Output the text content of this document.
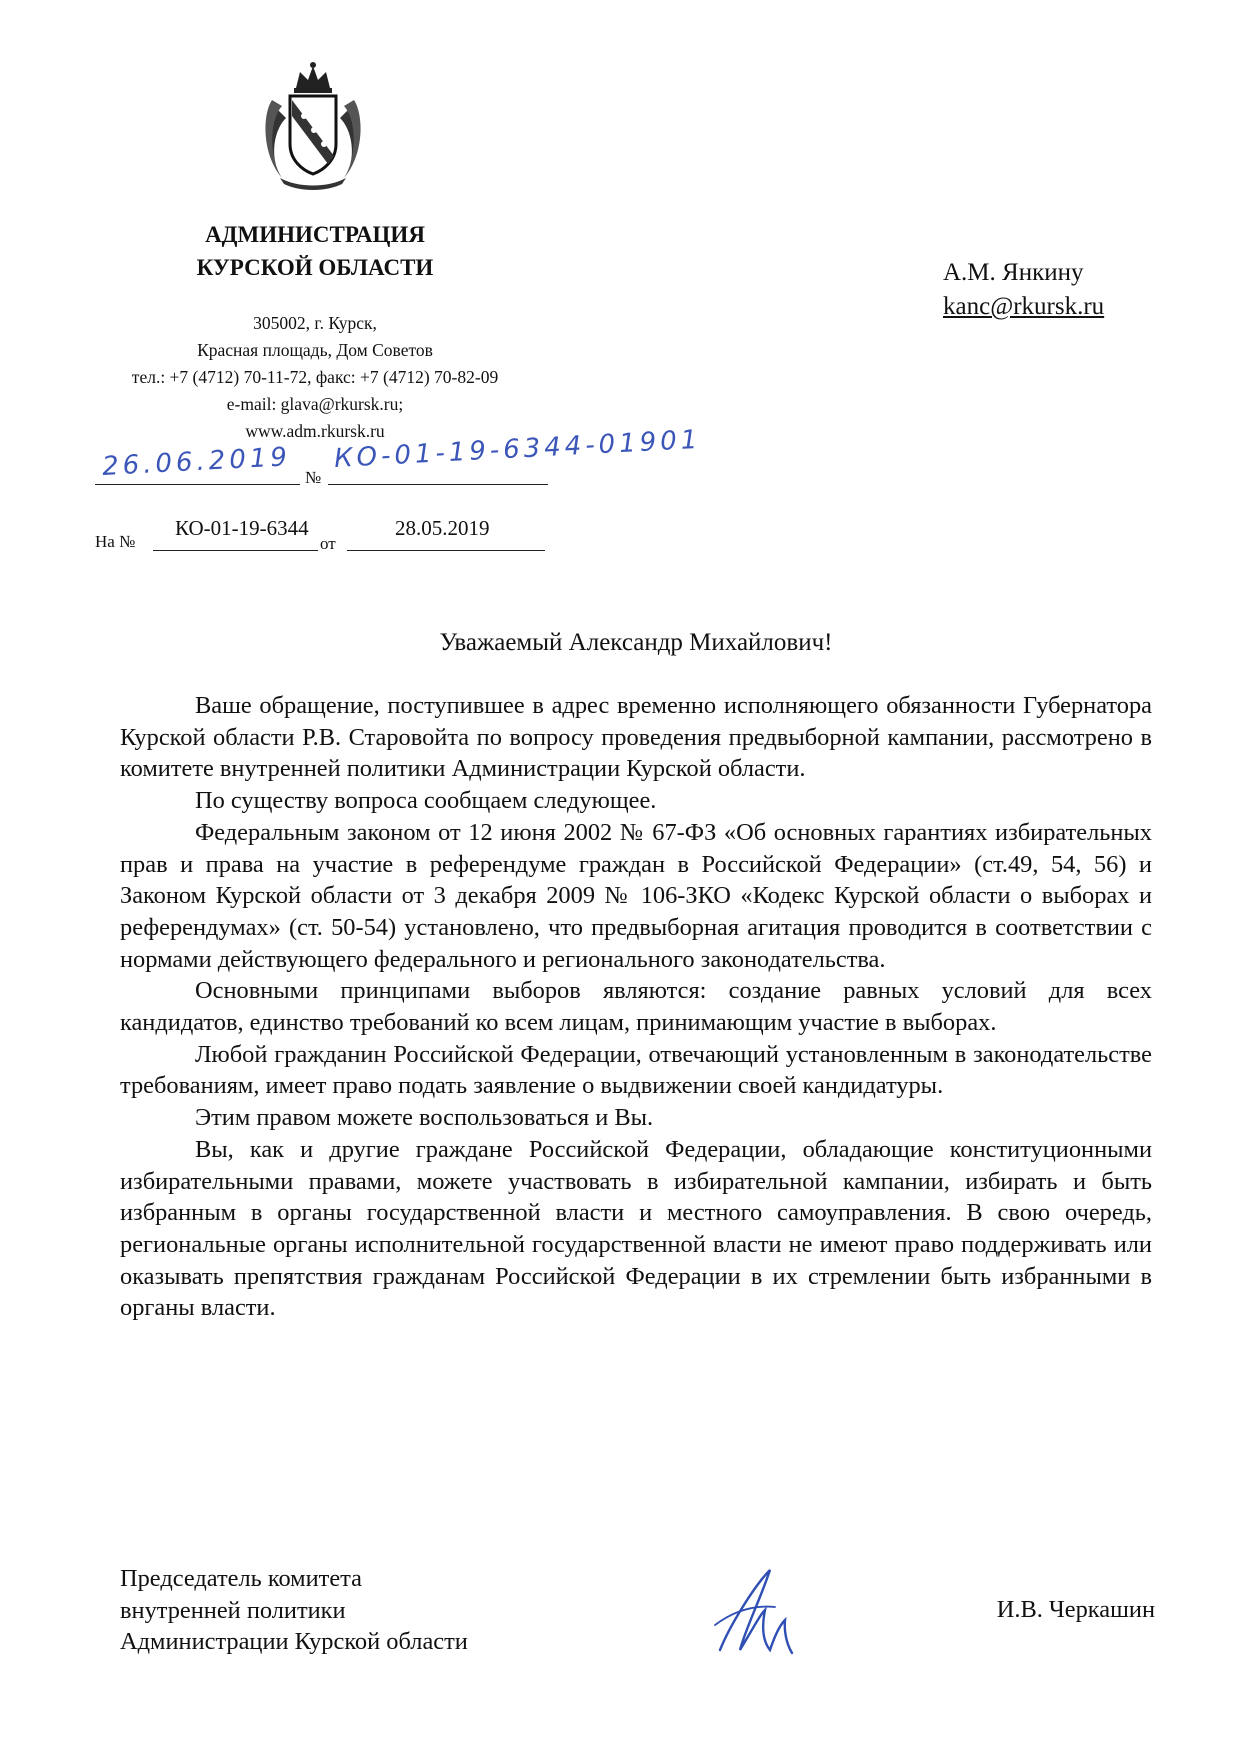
АДМИНИСТРАЦИЯ
КУРСКОЙ ОБЛАСТИ
305002, г. Курск,
Красная площадь, Дом Советов
тел.: +7 (4712) 70-11-72, факс: +7 (4712) 70-82-09
e-mail: glava@rkursk.ru;
www.adm.rkursk.ru
№
26.06.2019 КО-01-19-6344-01901
На №
КО-01-19-6344
от
28.05.2019
А.М. Янкину
kanc@rkursk.ru
Уважаемый Александр Михайлович!

Ваше обращение, поступившее в адрес временно исполняющего обязанности Губернатора Курской области Р.В. Старовойта по вопросу проведения предвыборной кампании, рассмотрено в комитете внутренней политики Администрации Курской области.

По существу вопроса сообщаем следующее.

Федеральным законом от 12 июня 2002 № 67-ФЗ «Об основных гарантиях избирательных прав и права на участие в референдуме граждан в Российской Федерации» (ст.49, 54, 56) и Законом Курской области от 3 декабря 2009 № 106-ЗКО «Кодекс Курской области о выборах и референдумах» (ст. 50-54) установлено, что предвыборная агитация проводится в соответствии с нормами действующего федерального и регионального законодательства.

Основными принципами выборов являются: создание равных условий для всех кандидатов, единство требований ко всем лицам, принимающим участие в выборах.

Любой гражданин Российской Федерации, отвечающий установленным в законодательстве требованиям, имеет право подать заявление о выдвижении своей кандидатуры.

Этим правом можете воспользоваться и Вы.

Вы, как и другие граждане Российской Федерации, обладающие конституционными избирательными правами, можете участвовать в избирательной кампании, избирать и быть избранным в органы государственной власти и местного самоуправления. В свою очередь, региональные органы исполнительной государственной власти не имеют право поддерживать или оказывать препятствия гражданам Российской Федерации в их стремлении быть избранными в органы власти.

Председатель комитета
внутренней политики
Администрации Курской области
И.В. Черкашин
